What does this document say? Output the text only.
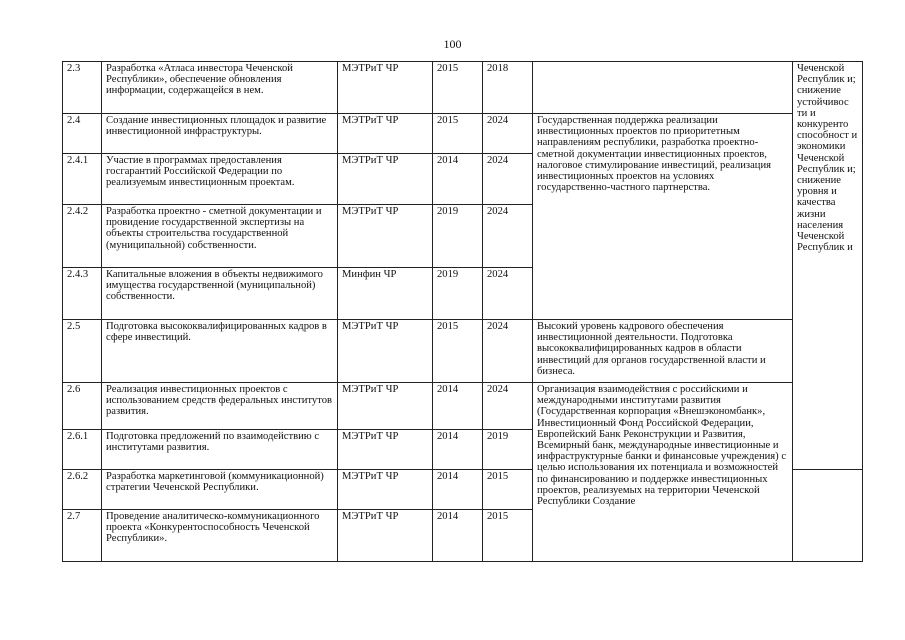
100
2.3	Разработка «Атласа инвестора Чеченской Республики», обеспечение обновления информации, содержащейся в нем.	МЭТРиТ ЧР	2015	2018		Чеченской Республик и; снижение устойчивос ти и конкуренто способност и экономики Чеченской Республик и; снижение уровня и качества жизни населения Чеченской Республик и
2.4	Создание инвестиционных площадок и развитие инвестиционной инфраструктуры.	МЭТРиТ ЧР	2015	2024	Государственная поддержка реализации инвестиционных проектов по приоритетным направлениям республики, разработка проектно-сметной документации инвестиционных проектов, налоговое стимулирование инвестиций, реализация инвестиционных проектов на условиях государственно-частного партнерства.	
2.4.1	Участие в программах предоставления госгарантий Российской Федерации по реализуемым инвестиционным проектам.	МЭТРиТ ЧР	2014	2024		
2.4.2	Разработка проектно - сметной документации и провидение государственной экспертизы на объекты строительства государственной (муниципальной) собственности.	МЭТРиТ ЧР	2019	2024		
2.4.3	Капитальные вложения в объекты недвижимого имущества государственной (муниципальной) собственности.	Минфин ЧР	2019	2024		
2.5	Подготовка высококвалифицированных кадров в сфере инвестиций.	МЭТРиТ ЧР	2015	2024	Высокий уровень кадрового обеспечения инвестиционной деятельности. Подготовка высококвалифицированных кадров в области инвестиций для органов государственной власти и бизнеса.	
2.6	Реализация инвестиционных проектов с использованием средств федеральных институтов развития.	МЭТРиТ ЧР	2014	2024	Организация взаимодействия с российскими и международными институтами развития (Государственная корпорация «Внешэкономбанк», Инвестиционный Фонд Российской Федерации, Европейский Банк Реконструкции и Развития, Всемирный банк, международные инвестиционные и инфраструктурные банки и финансовые учреждения) с целью использования их потенциала и возможностей по финансированию и поддержке инвестиционных проектов, реализуемых на территории Чеченской Республики Создание	
2.6.1	Подготовка предложений по взаимодействию с институтами развития.	МЭТРиТ ЧР	2014	2019		
2.6.2	Разработка маркетинговой (коммуникационной) стратегии Чеченской Республики.	МЭТРиТ ЧР	2014	2015		
2.7	Проведение аналитическо-коммуникационного проекта «Конкурентоспособность Чеченской Республики».	МЭТРиТ ЧР	2014	2015		
